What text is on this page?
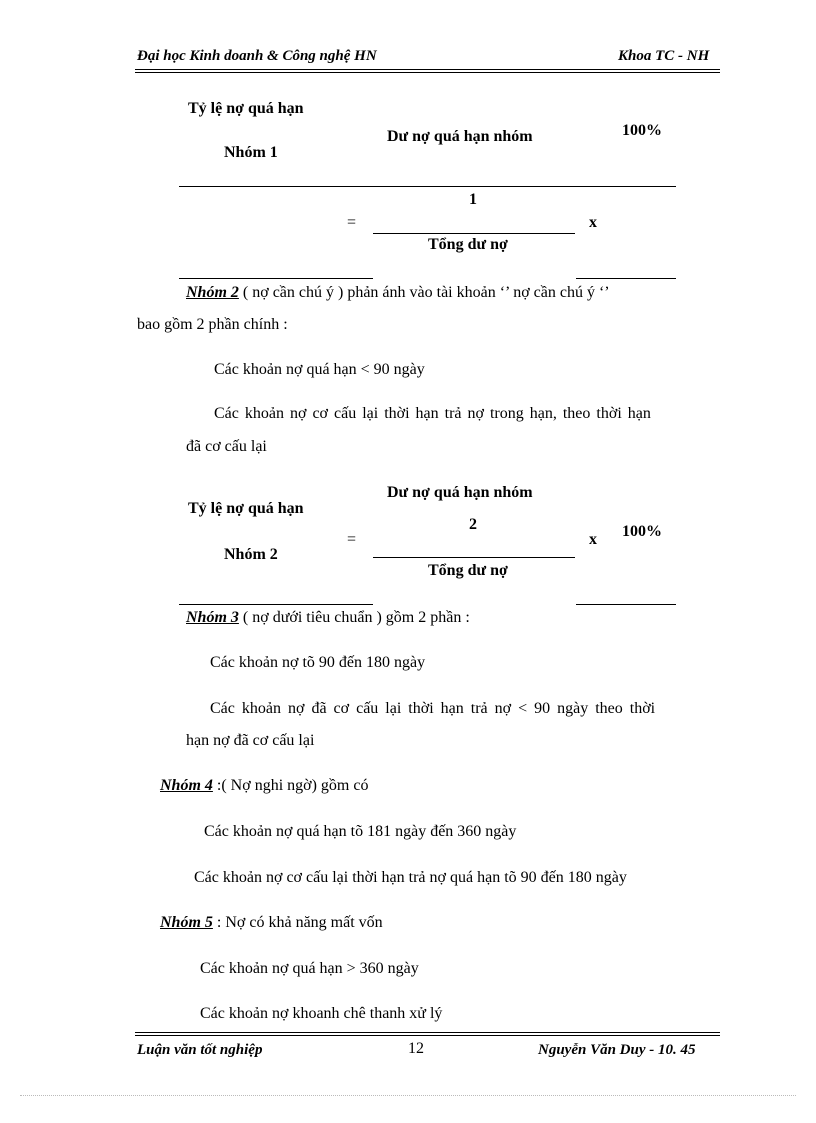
Đại học Kinh doanh & Công nghệ HN	Khoa TC - NH
Tỷ lệ nợ quá hạn
Nhóm 1
Dư nợ quá hạn nhóm	100%
1
=	x
Tổng dư nợ
Nhóm 2 ( nợ cần chú ý ) phản ánh vào tài khoản ‘’ nợ cần chú ý ‘’
bao gồm 2 phần chính :
Các khoản nợ quá hạn < 90 ngày
Các khoản nợ cơ cấu lại thời hạn trả nợ trong hạn, theo thời hạn
đã cơ cấu lại
Dư nợ quá hạn nhóm
Tỷ lệ nợ quá hạn
2	100%
=	x
Nhóm 2
Tổng dư nợ
Nhóm 3 ( nợ dưới tiêu chuẩn ) gồm 2 phần :
Các khoản nợ tõ 90 đến 180 ngày
Các khoản nợ đã cơ cấu lại thời hạn trả nợ < 90 ngày theo thời
hạn nợ đã cơ cấu lại
Nhóm 4 :( Nợ nghi ngờ) gồm có
Các khoản nợ quá hạn tõ 181 ngày đến 360 ngày
Các khoản nợ cơ cấu lại thời hạn trả nợ quá hạn tõ 90 đến 180 ngày
Nhóm 5 : Nợ có khả năng mất vốn
Các khoản nợ quá hạn > 360 ngày
Các khoản nợ khoanh chê thanh xử lý
Luận văn tốt nghiệp	12	Nguyễn Văn Duy - 10. 45
